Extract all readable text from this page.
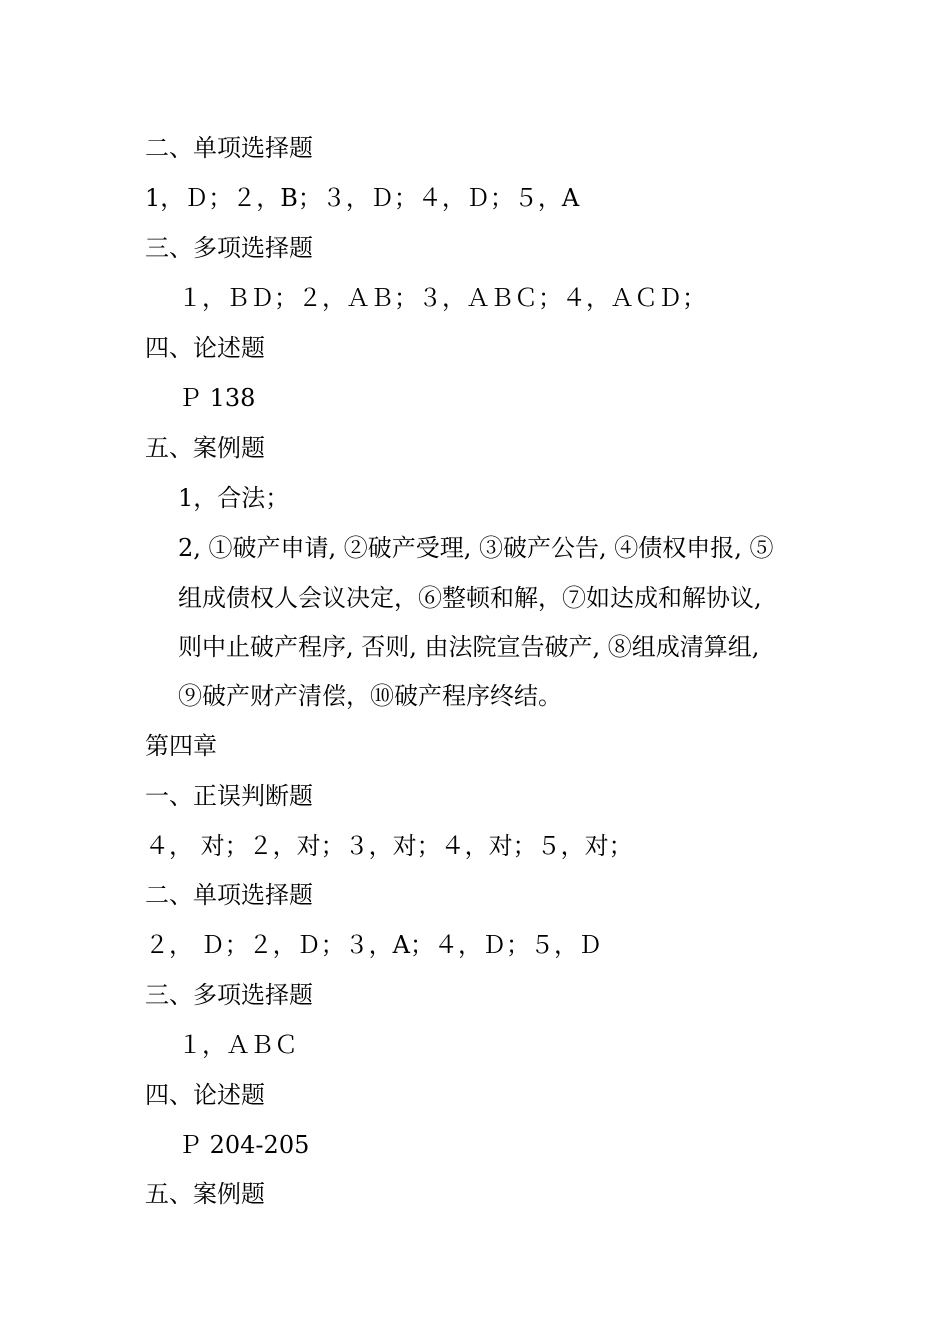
二、单项选择题
1，Ｄ；２，B；３，Ｄ；４，Ｄ；５，A
三、多项选择题
１，ＢＤ；２，ＡＢ；３，ＡＢＣ；４，ＡＣＤ；
四、论述题
Ｐ 138
五、案例题
1，合法；
2, ①破产申请, ②破产受理, ③破产公告, ④债权申报, ⑤
组成债权人会议决定，⑥整顿和解，⑦如达成和解协议,
则中止破产程序, 否则, 由法院宣告破产, ⑧组成清算组,
⑨破产财产清偿，⑩破产程序终结。
第四章
一、正误判断题
４， 对；２，对；３，对；４，对；５，对；
二、单项选择题
２， Ｄ；２，Ｄ；３，A；４，Ｄ；５，Ｄ
三、多项选择题
１，ＡＢＣ
四、论述题
Ｐ 204-205
五、案例题
